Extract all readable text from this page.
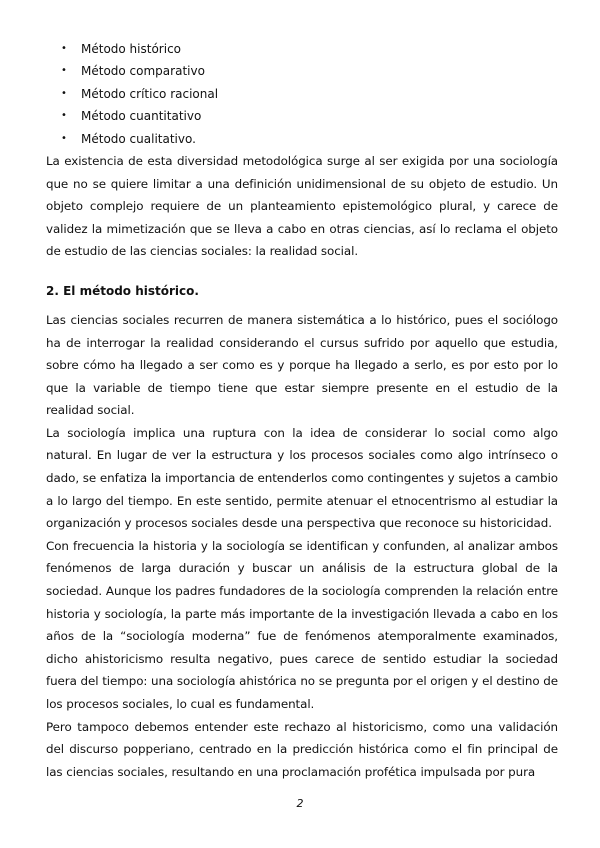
• Método histórico
• Método comparativo
• Método crítico racional
• Método cuantitativo
• Método cualitativo.

La existencia de esta diversidad metodológica surge al ser exigida por una sociología que no se quiere limitar a una definición unidimensional de su objeto de estudio. Un objeto complejo requiere de un planteamiento epistemológico plural, y carece de validez la mimetización que se lleva a cabo en otras ciencias, así lo reclama el objeto de estudio de las ciencias sociales: la realidad social.

2. El método histórico.

Las ciencias sociales recurren de manera sistemática a lo histórico, pues el sociólogo ha de interrogar la realidad considerando el cursus sufrido por aquello que estudia, sobre cómo ha llegado a ser como es y porque ha llegado a serlo, es por esto por lo que la variable de tiempo tiene que estar siempre presente en el estudio de la realidad social.

La sociología implica una ruptura con la idea de considerar lo social como algo natural. En lugar de ver la estructura y los procesos sociales como algo intrínseco o dado, se enfatiza la importancia de entenderlos como contingentes y sujetos a cambio a lo largo del tiempo. En este sentido, permite atenuar el etnocentrismo al estudiar la organización y procesos sociales desde una perspectiva que reconoce su historicidad.

Con frecuencia la historia y la sociología se identifican y confunden, al analizar ambos fenómenos de larga duración y buscar un análisis de la estructura global de la sociedad. Aunque los padres fundadores de la sociología comprenden la relación entre historia y sociología, la parte más importante de la investigación llevada a cabo en los años de la “sociología moderna” fue de fenómenos atemporalmente examinados, dicho ahistoricismo resulta negativo, pues carece de sentido estudiar la sociedad fuera del tiempo: una sociología ahistórica no se pregunta por el origen y el destino de los procesos sociales, lo cual es fundamental.

Pero tampoco debemos entender este rechazo al historicismo, como una validación del discurso popperiano, centrado en la predicción histórica como el fin principal de las ciencias sociales, resultando en una proclamación profética impulsada por pura

2
